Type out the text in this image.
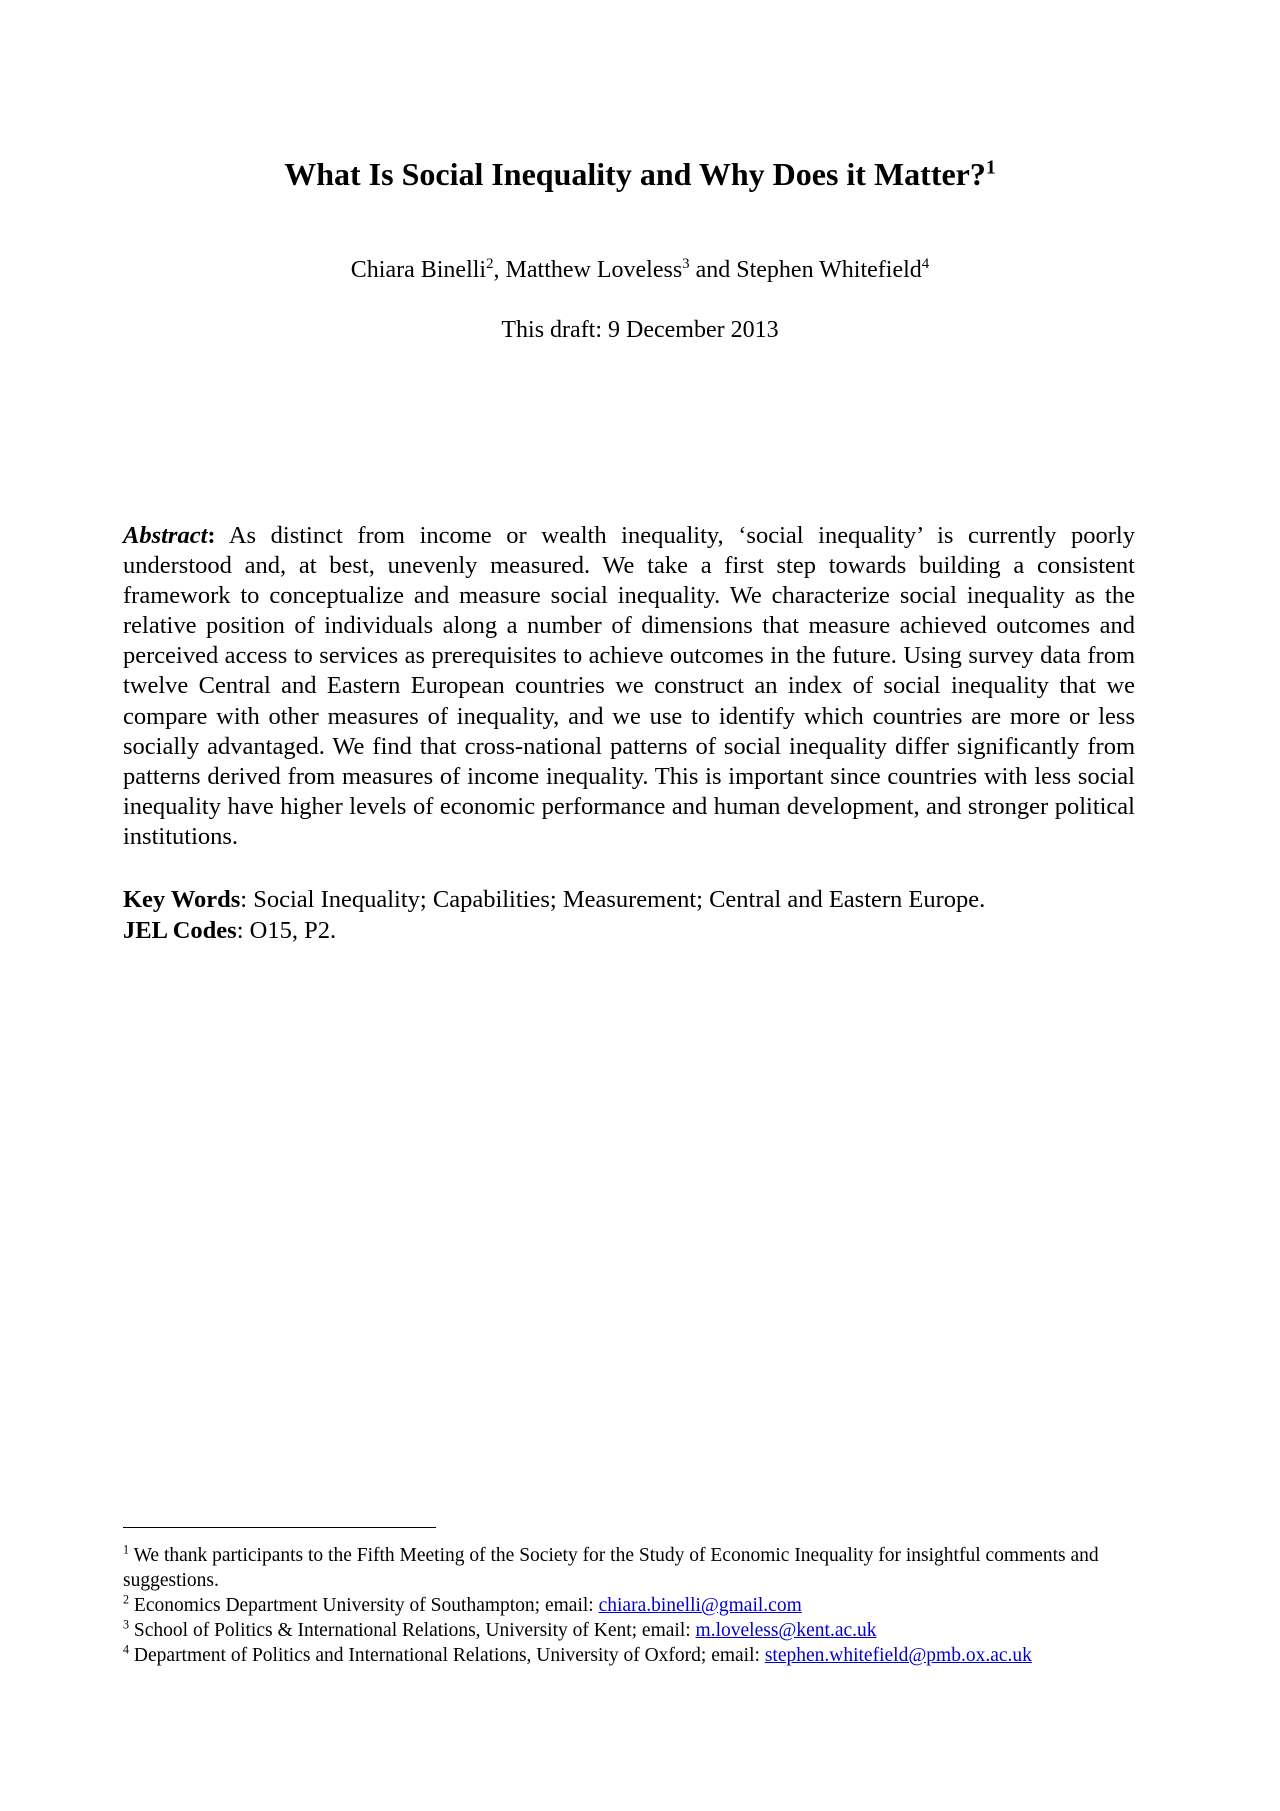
What Is Social Inequality and Why Does it Matter?$^1$
Chiara Binelli$^2$, Matthew Loveless$^3$ and Stephen Whitefield$^4$
This draft: 9 December 2013

Abstract: As distinct from income or wealth inequality, ‘social inequality’ is currently poorly understood and, at best, unevenly measured. We take a first step towards building a consistent framework to conceptualize and measure social inequality. We characterize social inequality as the relative position of individuals along a number of dimensions that measure achieved outcomes and perceived access to services as prerequisites to achieve outcomes in the future. Using survey data from twelve Central and Eastern European countries we construct an index of social inequality that we compare with other measures of inequality, and we use to identify which countries are more or less socially advantaged. We find that cross-national patterns of social inequality differ significantly from patterns derived from measures of income inequality. This is important since countries with less social inequality have higher levels of economic performance and human development, and stronger political institutions.

Key Words: Social Inequality; Capabilities; Measurement; Central and Eastern Europe.
JEL Codes: O15, P2.

$^1$ We thank participants to the Fifth Meeting of the Society for the Study of Economic Inequality for insightful comments and suggestions.

$^2$ Economics Department University of Southampton; email: chiara.binelli@gmail.com

$^3$ School of Politics & International Relations, University of Kent; email: m.loveless@kent.ac.uk

$^4$ Department of Politics and International Relations, University of Oxford; email: stephen.whitefield@pmb.ox.ac.uk
